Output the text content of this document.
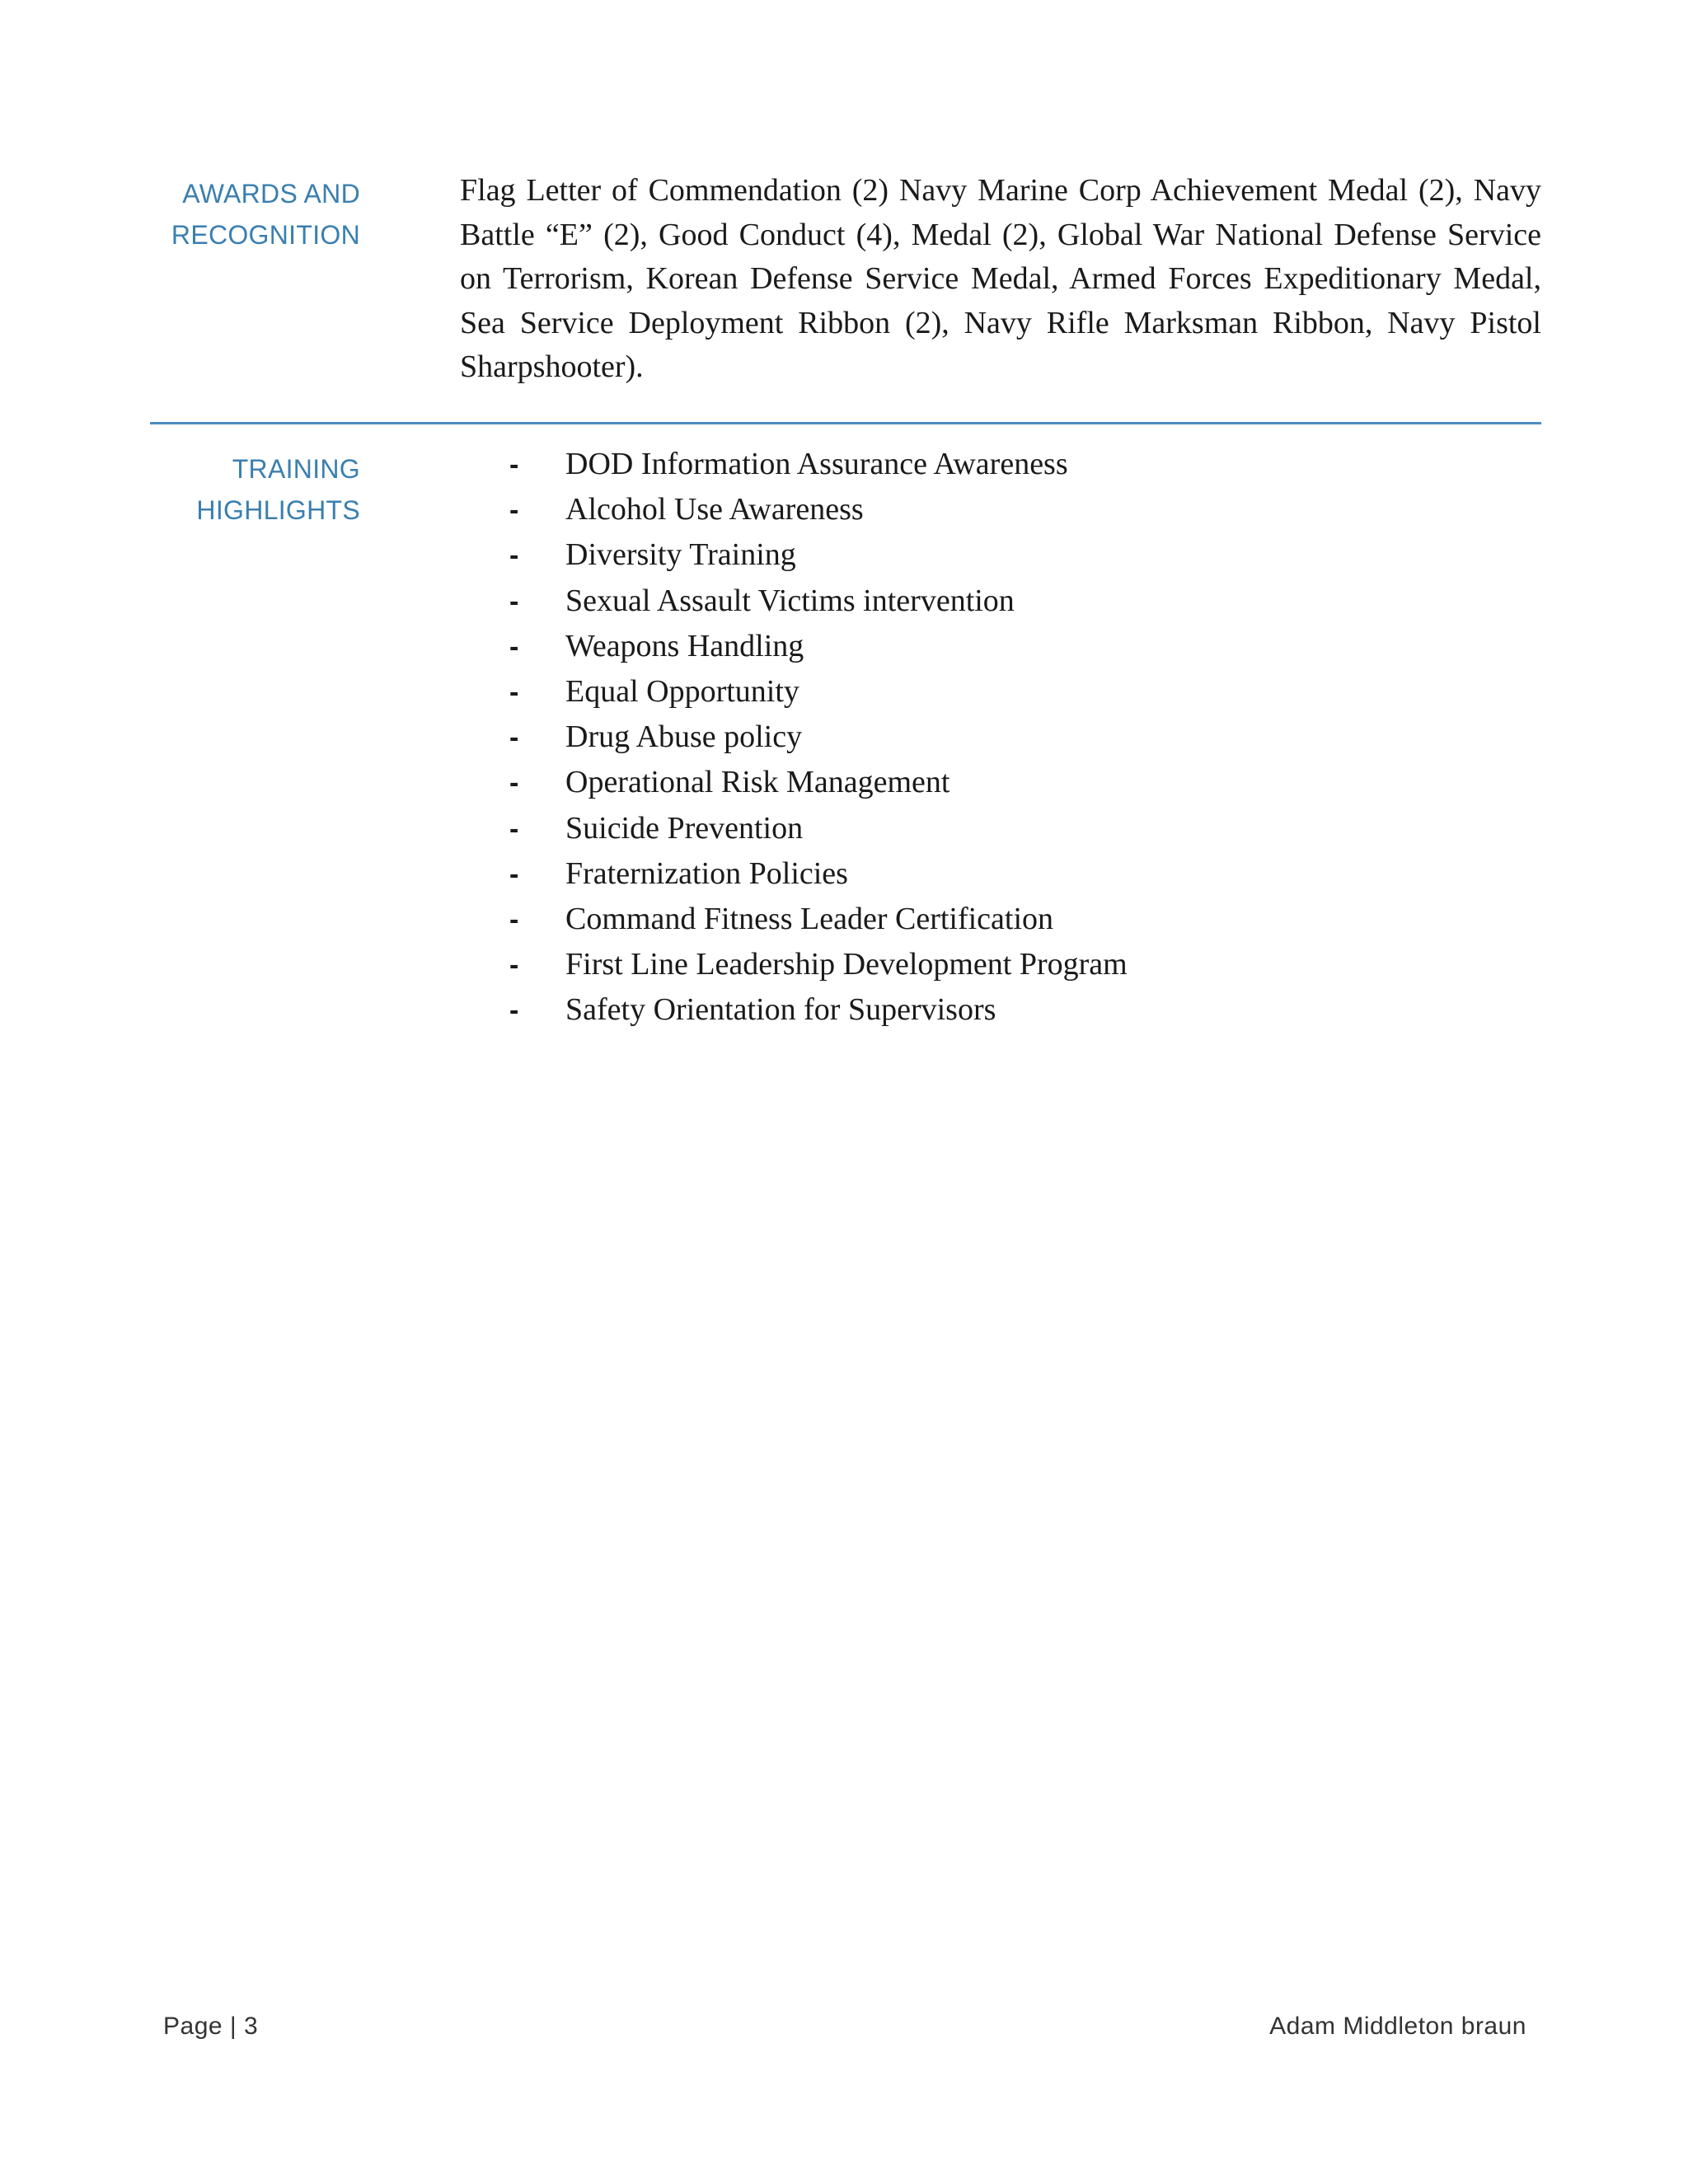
AWARDS AND
RECOGNITION
Flag Letter of Commendation (2) Navy Marine Corp Achievement Medal (2), Navy Battle “E” (2), Good Conduct (4), Medal (2), Global War National Defense Service on Terrorism, Korean Defense Service Medal, Armed Forces Expeditionary Medal, Sea Service Deployment Ribbon (2), Navy Rifle Marksman Ribbon, Navy Pistol Sharpshooter).
TRAINING
HIGHLIGHTS
- DOD Information Assurance Awareness
- Alcohol Use Awareness
- Diversity Training
- Sexual Assault Victims intervention
- Weapons Handling
- Equal Opportunity
- Drug Abuse policy
- Operational Risk Management
- Suicide Prevention
- Fraternization Policies
- Command Fitness Leader Certification
- First Line Leadership Development Program
- Safety Orientation for Supervisors
Page | 3	Adam Middleton braun
